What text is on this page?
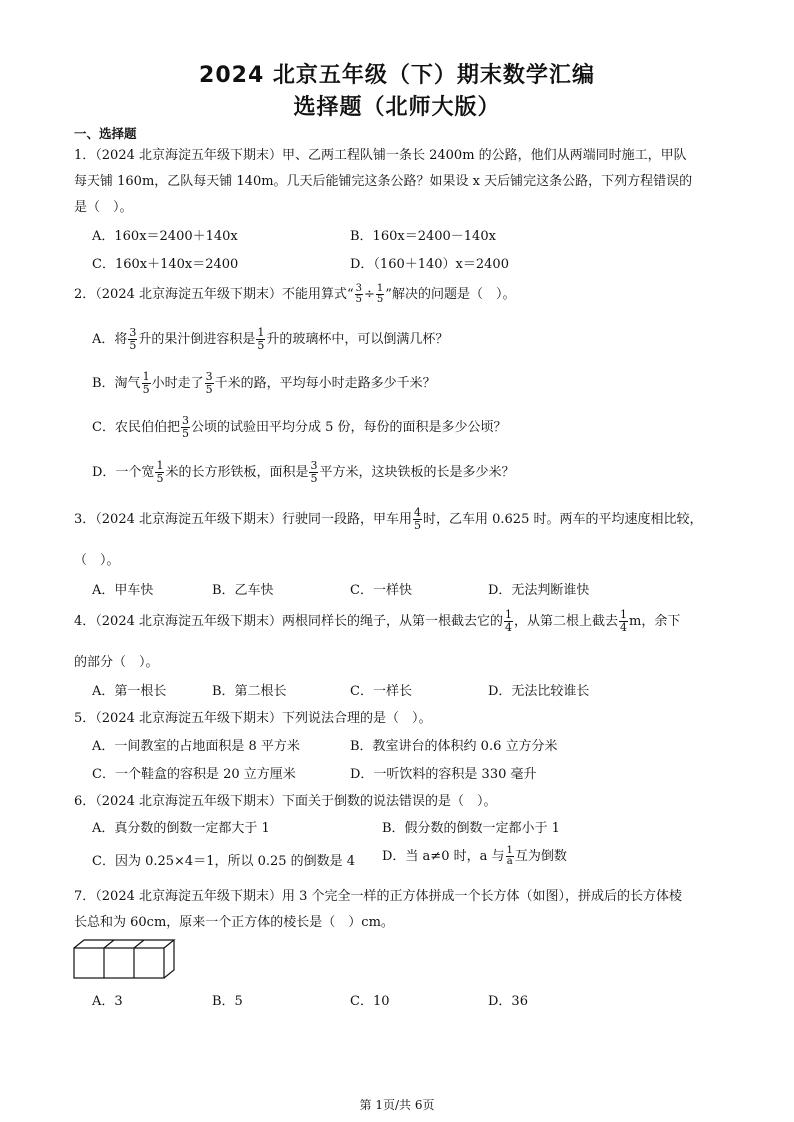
2024 北京五年级（下）期末数学汇编
选择题（北师大版）
一、选择题
1．（2024 北京海淀五年级下期末）甲、乙两工程队铺一条长 2400m 的公路，他们从两端同时施工，甲队
每天铺 160m，乙队每天铺 140m。几天后能铺完这条公路？如果设 x 天后铺完这条公路，下列方程错误的
是（　）。
A．160x＝2400＋140x	B．160x＝2400－140x
C．160x＋140x＝2400	D．（160＋140）x＝2400
2．（2024 北京海淀五年级下期末）不能用算式“ $\frac{3}{5} \div \frac{1}{5}$ ”解决的问题是（　）。
A．将 $\frac{3}{5}$ 升的果汁倒进容积是 $\frac{1}{5}$ 升的玻璃杯中，可以倒满几杯？
B．淘气 $\frac{1}{5}$ 小时走了 $\frac{3}{5}$ 千米的路，平均每小时走路多少千米？
C．农民伯伯把 $\frac{3}{5}$ 公顷的试验田平均分成 5 份，每份的面积是多少公顷？
D．一个宽 $\frac{1}{5}$ 米的长方形铁板，面积是 $\frac{3}{5}$ 平方米，这块铁板的长是多少米？
3．（2024 北京海淀五年级下期末）行驶同一段路，甲车用 $\frac{4}{5}$ 时，乙车用 0.625 时。两车的平均速度相比较，
（　）。
A．甲车快	B．乙车快	C．一样快	D．无法判断谁快
4．（2024 北京海淀五年级下期末）两根同样长的绳子，从第一根截去它的 $\frac{1}{4}$ ，从第二根上截去 $\frac{1}{4}$ m，余下
的部分（　）。
A．第一根长	B．第二根长	C．一样长	D．无法比较谁长
5．（2024 北京海淀五年级下期末）下列说法合理的是（　）。
A．一间教室的占地面积是 8 平方米	B．教室讲台的体积约 0.6 立方分米
C．一个鞋盒的容积是 20 立方厘米	D．一听饮料的容积是 330 毫升
6．（2024 北京海淀五年级下期末）下面关于倒数的说法错误的是（　）。
A．真分数的倒数一定都大于 1	B．假分数的倒数一定都小于 1
C．因为 0.25×4＝1，所以 0.25 的倒数是 4 D．当 a≠0 时，a 与 $\frac{1}{a}$ 互为倒数
7．（2024 北京海淀五年级下期末）用 3 个完全一样的正方体拼成一个长方体（如图），拼成后的长方体棱
长总和为 60cm，原来一个正方体的棱长是（　）cm。
A．3	B．5	C．10	D．36
第 1页/共 6页
